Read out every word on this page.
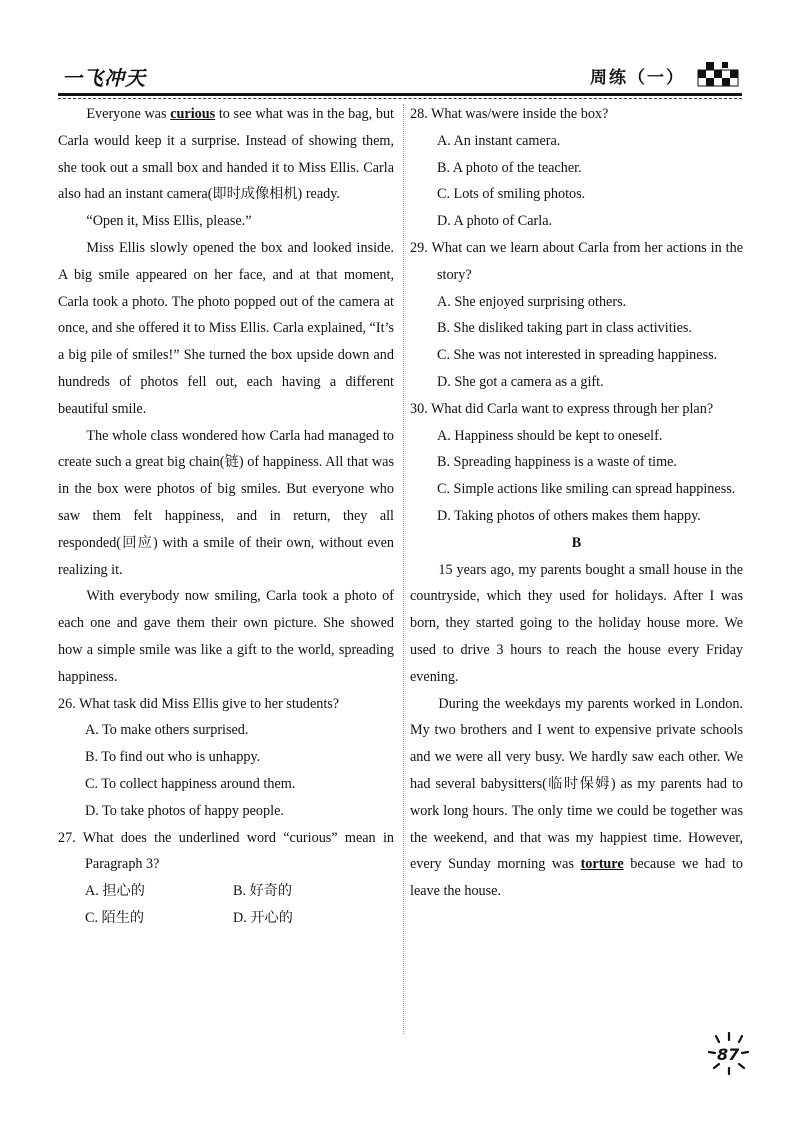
一飞冲天	周练（一）

Everyone was curious to see what was in the bag, but Carla would keep it a surprise. Instead of showing them, she took out a small box and handed it to Miss Ellis. Carla also had an instant camera(即时成像相机) ready.

“Open it, Miss Ellis, please.”

Miss Ellis slowly opened the box and looked inside. A big smile appeared on her face, and at that moment, Carla took a photo. The photo popped out of the camera at once, and she offered it to Miss Ellis. Carla explained, “It’s a big pile of smiles!” She turned the box upside down and hundreds of photos fell out, each having a different beautiful smile.

The whole class wondered how Carla had managed to create such a great big chain(链) of happiness. All that was in the box were photos of big smiles. But everyone who saw them felt happiness, and in return, they all responded(回应) with a smile of their own, without even realizing it.

With everybody now smiling, Carla took a photo of each one and gave them their own picture. She showed how a simple smile was like a gift to the world, spreading happiness.

26. What task did Miss Ellis give to her students?

A. To make others surprised.

B. To find out who is unhappy.

C. To collect happiness around them.

D. To take photos of happy people.

27. What does the underlined word “curious” mean in Paragraph 3?

A. 担心的	B. 好奇的
C. 陌生的	D. 开心的

28. What was/were inside the box?

A. An instant camera.

B. A photo of the teacher.

C. Lots of smiling photos.

D. A photo of Carla.

29. What can we learn about Carla from her actions in the story?

A. She enjoyed surprising others.

B. She disliked taking part in class activities.

C. She was not interested in spreading happiness.

D. She got a camera as a gift.

30. What did Carla want to express through her plan?

A. Happiness should be kept to oneself.

B. Spreading happiness is a waste of time.

C. Simple actions like smiling can spread happiness.

D. Taking photos of others makes them happy.

B

15 years ago, my parents bought a small house in the countryside, which they used for holidays. After I was born, they started going to the holiday house more. We used to drive 3 hours to reach the house every Friday evening.

During the weekdays my parents worked in London. My two brothers and I went to expensive private schools and we were all very busy. We hardly saw each other. We had several babysitters(临时保姆) as my parents had to work long hours. The only time we could be together was the weekend, and that was my happiest time. However, every Sunday morning was torture because we had to leave the house.

87
